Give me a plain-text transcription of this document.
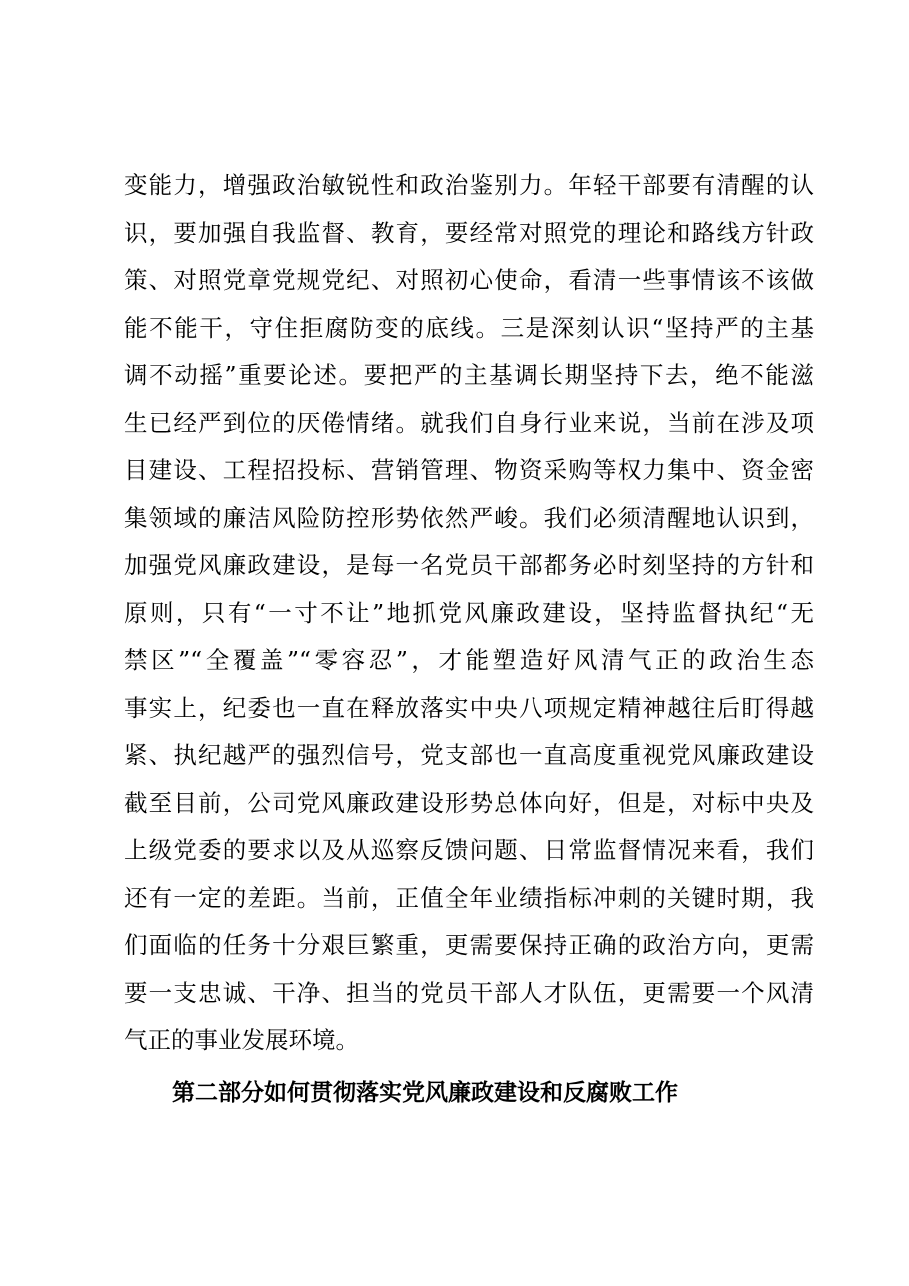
变能力，增强政治敏锐性和政治鉴别力。年轻干部要有清醒的认
识，要加强自我监督、教育，要经常对照党的理论和路线方针政
策、对照党章党规党纪、对照初心使命，看清一些事情该不该做
能不能干，守住拒腐防变的底线。三是深刻认识“坚持严的主基
调不动摇”重要论述。要把严的主基调长期坚持下去，绝不能滋
生已经严到位的厌倦情绪。就我们自身行业来说，当前在涉及项
目建设、工程招投标、营销管理、物资采购等权力集中、资金密
集领域的廉洁风险防控形势依然严峻。我们必须清醒地认识到，
加强党风廉政建设，是每一名党员干部都务必时刻坚持的方针和
原则，只有“一寸不让”地抓党风廉政建设，坚持监督执纪“无
禁区”“全覆盖”“零容忍”，才能塑造好风清气正的政治生态
事实上，纪委也一直在释放落实中央八项规定精神越往后盯得越
紧、执纪越严的强烈信号，党支部也一直高度重视党风廉政建设
截至目前，公司党风廉政建设形势总体向好，但是，对标中央及
上级党委的要求以及从巡察反馈问题、日常监督情况来看，我们
还有一定的差距。当前，正值全年业绩指标冲刺的关键时期，我
们面临的任务十分艰巨繁重，更需要保持正确的政治方向，更需
要一支忠诚、干净、担当的党员干部人才队伍，更需要一个风清
气正的事业发展环境。
第二部分如何贯彻落实党风廉政建设和反腐败工作
